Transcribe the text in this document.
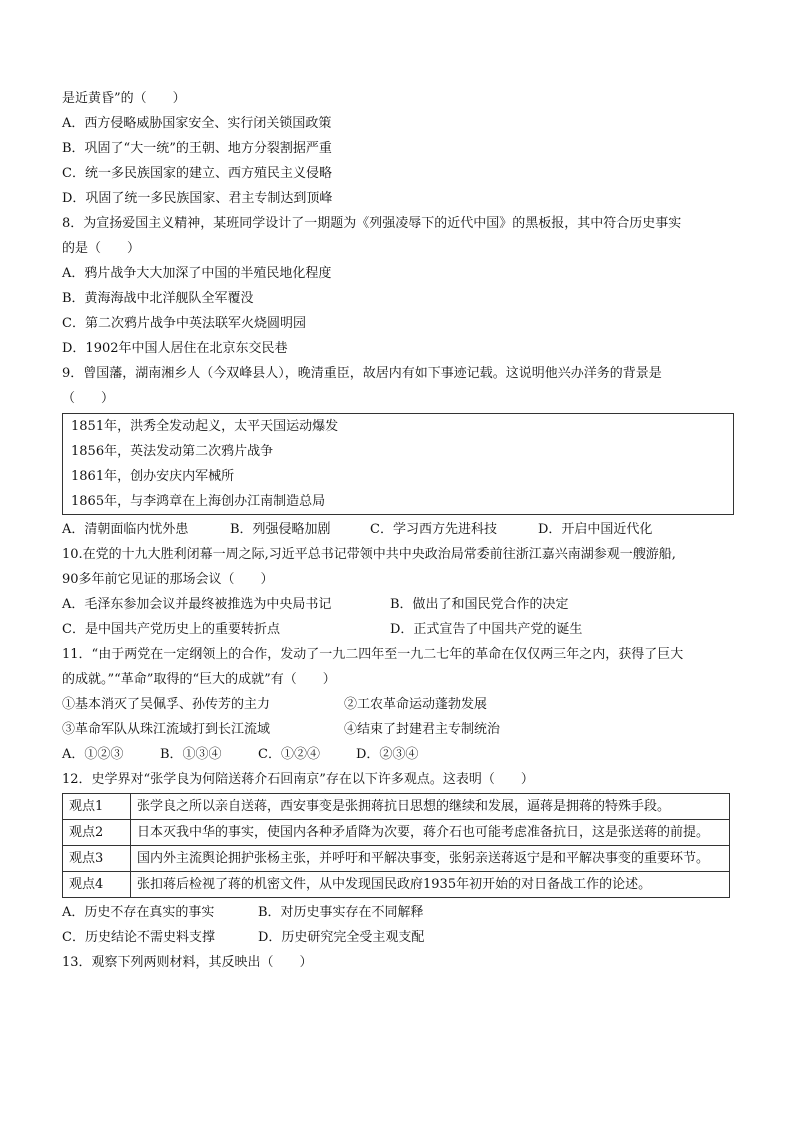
是近黄昏”的（　　）
A．西方侵略威胁国家安全、实行闭关锁国政策
B．巩固了“大一统”的王朝、地方分裂割据严重
C．统一多民族国家的建立、西方殖民主义侵略
D．巩固了统一多民族国家、君主专制达到顶峰
8．为宣扬爱国主义精神，某班同学设计了一期题为《列强凌辱下的近代中国》的黑板报，其中符合历史事实
的是（　　）
A．鸦片战争大大加深了中国的半殖民地化程度
B．黄海海战中北洋舰队全军覆没
C．第二次鸦片战争中英法联军火烧圆明园
D．1902年中国人居住在北京东交民巷
9．曾国藩，湖南湘乡人（今双峰县人），晚清重臣，故居内有如下事迹记载。这说明他兴办洋务的背景是
（　　）
1851年，洪秀全发动起义，太平天国运动爆发
1856年，英法发动第二次鸦片战争
1861年，创办安庆内军械所
1865年，与李鸿章在上海创办江南制造总局
A．清朝面临内忧外患	B．列强侵略加剧	C．学习西方先进科技	D．开启中国近代化
10.在党的十九大胜利闭幕一周之际,习近平总书记带领中共中央政治局常委前往浙江嘉兴南湖参观一艘游船,
90多年前它见证的那场会议（　　）
A．毛泽东参加会议并最终被推选为中央局书记	B．做出了和国民党合作的决定
C．是中国共产党历史上的重要转折点	D．正式宣告了中国共产党的诞生
11．“由于两党在一定纲领上的合作，发动了一九二四年至一九二七年的革命在仅仅两三年之内，获得了巨大
的成就。”“革命”取得的“巨大的成就”有（　　）
①基本消灭了吴佩孚、孙传芳的主力	②工农革命运动蓬勃发展
③革命军队从珠江流域打到长江流域	④结束了封建君主专制统治
A．①②③	B．①③④	C．①②④	D．②③④
12．史学界对“张学良为何陪送蒋介石回南京”存在以下许多观点。这表明（　　）
观点1	张学良之所以亲自送蒋，西安事变是张拥蒋抗日思想的继续和发展，逼蒋是拥蒋的特殊手段。
观点2	日本灭我中华的事实，使国内各种矛盾降为次要，蒋介石也可能考虑准备抗日，这是张送蒋的前提。
观点3	国内外主流舆论拥护张杨主张，并呼吁和平解决事变，张躬亲送蒋返宁是和平解决事变的重要环节。
观点4	张扣蒋后检视了蒋的机密文件，从中发现国民政府1935年初开始的对日备战工作的论述。
A．历史不存在真实的事实	B．对历史事实存在不同解释
C．历史结论不需史料支撑	D．历史研究完全受主观支配
13．观察下列两则材料，其反映出（　　）
